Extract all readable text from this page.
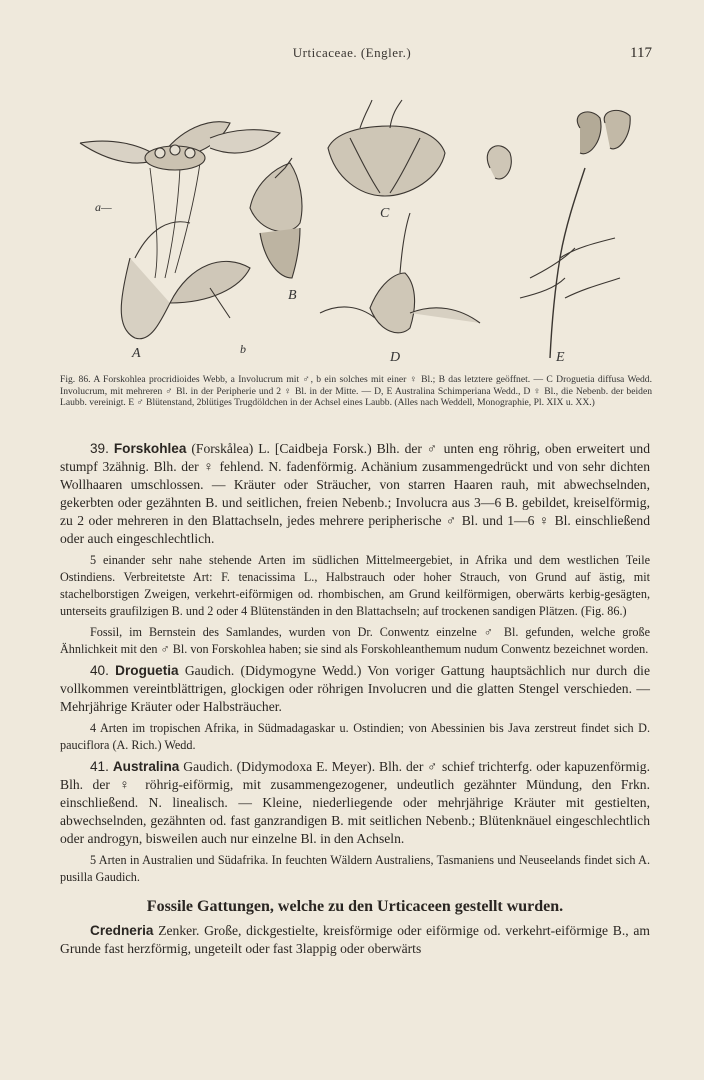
Urticaceae. (Engler.)	117
A	b
a—
B
C
D	E

Fig. 86. A Forskohlea procridioides Webb, a Involucrum mit ♂, b ein solches mit einer ♀ Bl.; B das letztere geöffnet. — C Droguetia diffusa Wedd. Involucrum, mit mehreren ♂ Bl. in der Peripherie und 2 ♀ Bl. in der Mitte. — D, E Australina Schimperiana Wedd., D ♀ Bl., die Nebenb. der beiden Laubb. vereinigt. E ♂ Blütenstand, 2blütiges Trugdöldchen in der Achsel eines Laubb. (Alles nach Weddell, Monographie, Pl. XIX u. XX.)

39. Forskohlea (Forskålea) L. [Caidbeja Forsk.) Blh. der ♂ unten eng röhrig, oben erweitert und stumpf 3zähnig. Blh. der ♀ fehlend. N. fadenförmig. Achänium zusammengedrückt und von sehr dichten Wollhaaren umschlossen. — Kräuter oder Sträucher, von starren Haaren rauh, mit abwechselnden, gekerbten oder gezähnten B. und seitlichen, freien Nebenb.; Involucra aus 3—6 B. gebildet, kreiselförmig, zu 2 oder mehreren in den Blattachseln, jedes mehrere peripherische ♂ Bl. und 1—6 ♀ Bl. einschließend oder auch eingeschlechtlich.

5 einander sehr nahe stehende Arten im südlichen Mittelmeergebiet, in Afrika und dem westlichen Teile Ostindiens. Verbreitetste Art: F. tenacissima L., Halbstrauch oder hoher Strauch, von Grund auf ästig, mit stachelborstigen Zweigen, verkehrt-eiförmigen od. rhombischen, am Grund keilförmigen, oberwärts kerbig-gesägten, unterseits graufilzigen B. und 2 oder 4 Blütenständen in den Blattachseln; auf trockenen sandigen Plätzen. (Fig. 86.)

Fossil, im Bernstein des Samlandes, wurden von Dr. Conwentz einzelne ♂ Bl. gefunden, welche große Ähnlichkeit mit den ♂ Bl. von Forskohlea haben; sie sind als Forskohleanthemum nudum Conwentz bezeichnet worden.

40. Droguetia Gaudich. (Didymogyne Wedd.) Von voriger Gattung hauptsächlich nur durch die vollkommen vereintblättrigen, glockigen oder röhrigen Involucren und die glatten Stengel verschieden. — Mehrjährige Kräuter oder Halbsträucher.

4 Arten im tropischen Afrika, in Südmadagaskar u. Ostindien; von Abessinien bis Java zerstreut findet sich D. pauciflora (A. Rich.) Wedd.

41. Australina Gaudich. (Didymodoxa E. Meyer). Blh. der ♂ schief trichterfg. oder kapuzenförmig. Blh. der ♀ röhrig-eiförmig, mit zusammengezogener, undeutlich gezähnter Mündung, den Frkn. einschließend. N. linealisch. — Kleine, niederliegende oder mehrjährige Kräuter mit gestielten, abwechselnden, gezähnten od. fast ganzrandigen B. mit seitlichen Nebenb.; Blütenknäuel eingeschlechtlich oder androgyn, bisweilen auch nur einzelne Bl. in den Achseln.

5 Arten in Australien und Südafrika. In feuchten Wäldern Australiens, Tasmaniens und Neuseelands findet sich A. pusilla Gaudich.

Fossile Gattungen, welche zu den Urticaceen gestellt wurden.

Credneria Zenker. Große, dickgestielte, kreisförmige oder eiförmige od. verkehrt-eiförmige B., am Grunde fast herzförmig, ungeteilt oder fast 3lappig oder oberwärts
